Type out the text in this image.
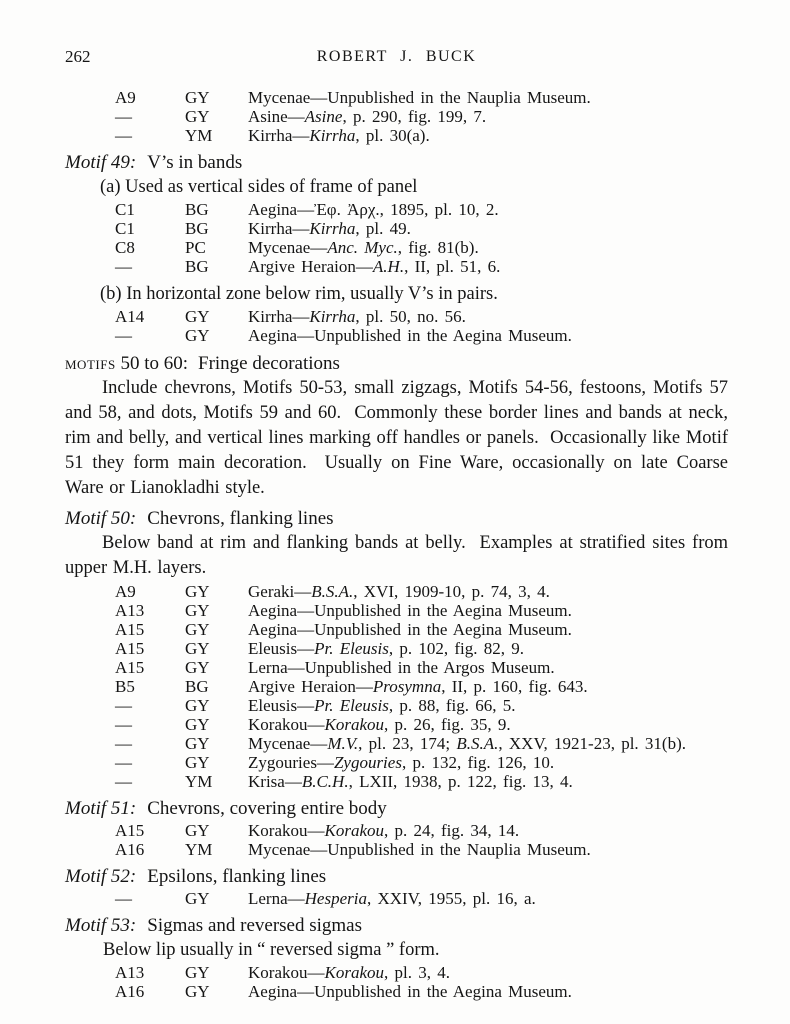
262	ROBERT J. BUCK
A9	GY	Mycenae—Unpublished in the Nauplia Museum.
—	GY	Asine—Asine, p. 290, fig. 199, 7.
—	YM	Kirrha—Kirrha, pl. 30(a).
Motif 49: V’s in bands

(a) Used as vertical sides of frame of panel

C1	BG	Aegina—Ἐφ. Ἀρχ., 1895, pl. 10, 2.
C1	BG	Kirrha—Kirrha, pl. 49.
C8	PC	Mycenae—Anc. Myc., fig. 81(b).
—	BG	Argive Heraion—A.H., II, pl. 51, 6.

(b) In horizontal zone below rim, usually V’s in pairs.

A14	GY	Kirrha—Kirrha, pl. 50, no. 56.
—	GY	Aegina—Unpublished in the Aegina Museum.
MOTIFS 50 to 60: Fringe decorations

Include chevrons, Motifs 50-53, small zigzags, Motifs 54-56, festoons, Motifs 57 and 58, and dots, Motifs 59 and 60.  Commonly these border lines and bands at neck, rim and belly, and vertical lines marking off handles or panels.  Occasionally like Motif 51 they form main decoration.  Usually on Fine Ware, occasionally on late Coarse Ware or Lianokladhi style.

Motif 50: Chevrons, flanking lines

Below band at rim and flanking bands at belly.  Examples at stratified sites from upper M.H. layers.

A9	GY	Geraki—B.S.A., XVI, 1909-10, p. 74, 3, 4.
A13	GY	Aegina—Unpublished in the Aegina Museum.
A15	GY	Aegina—Unpublished in the Aegina Museum.
A15	GY	Eleusis—Pr. Eleusis, p. 102, fig. 82, 9.
A15	GY	Lerna—Unpublished in the Argos Museum.
B5	BG	Argive Heraion—Prosymna, II, p. 160, fig. 643.
—	GY	Eleusis—Pr. Eleusis, p. 88, fig. 66, 5.
—	GY	Korakou—Korakou, p. 26, fig. 35, 9.
—	GY	Mycenae—M.V., pl. 23, 174; B.S.A., XXV, 1921-23, pl. 31(b).
—	GY	Zygouries—Zygouries, p. 132, fig. 126, 10.
—	YM	Krisa—B.C.H., LXII, 1938, p. 122, fig. 13, 4.
Motif 51: Chevrons, covering entire body
A15	GY	Korakou—Korakou, p. 24, fig. 34, 14.
A16	YM	Mycenae—Unpublished in the Nauplia Museum.
Motif 52: Epsilons, flanking lines
—	GY	Lerna—Hesperia, XXIV, 1955, pl. 16, a.
Motif 53: Sigmas and reversed sigmas

Below lip usually in “ reversed sigma ” form.

A13	GY	Korakou—Korakou, pl. 3, 4.
A16	GY	Aegina—Unpublished in the Aegina Museum.
